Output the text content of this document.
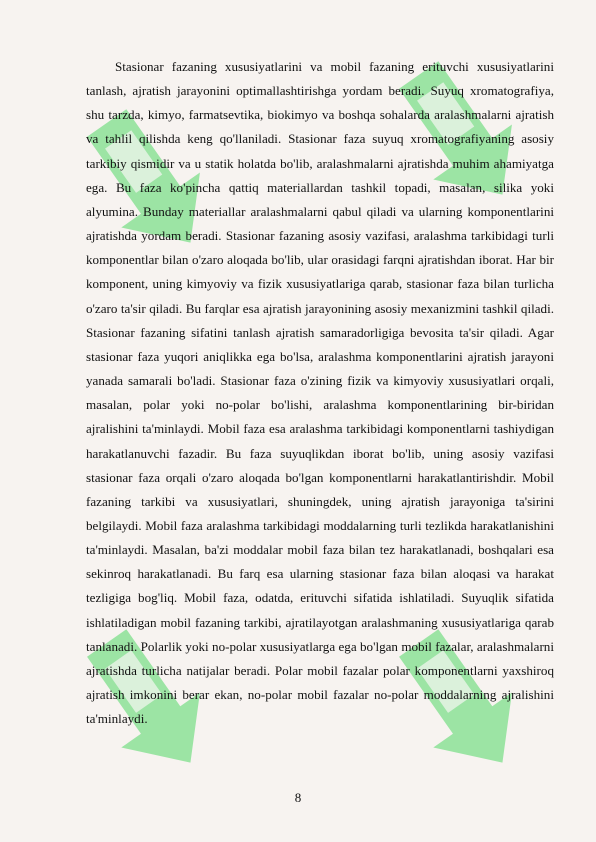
Stasionar fazaning xususiyatlarini va mobil fazaning erituvchi xususiyatlarini tanlash, ajratish jarayonini optimallashtirishga yordam beradi. Suyuq xromatografiya, shu tarzda, kimyo, farmatsevtika, biokimyo va boshqa sohalarda aralashmalarni ajratish va tahlil qilishda keng qo'llaniladi. Stasionar faza suyuq xromatografiyaning asosiy tarkibiy qismidir va u statik holatda bo'lib, aralashmalarni ajratishda muhim ahamiyatga ega. Bu faza ko'pincha qattiq materiallardan tashkil topadi, masalan, silika yoki alyumina. Bunday materiallar aralashmalarni qabul qiladi va ularning komponentlarini ajratishda yordam beradi. Stasionar fazaning asosiy vazifasi, aralashma tarkibidagi turli komponentlar bilan o'zaro aloqada bo'lib, ular orasidagi farqni ajratishdan iborat. Har bir komponent, uning kimyoviy va fizik xususiyatlariga qarab, stasionar faza bilan turlicha o'zaro ta'sir qiladi. Bu farqlar esa ajratish jarayonining asosiy mexanizmini tashkil qiladi. Stasionar fazaning sifatini tanlash ajratish samaradorligiga bevosita ta'sir qiladi. Agar stasionar faza yuqori aniqlikka ega bo'lsa, aralashma komponentlarini ajratish jarayoni yanada samarali bo'ladi. Stasionar faza o'zining fizik va kimyoviy xususiyatlari orqali, masalan, polar yoki no-polar bo'lishi, aralashma komponentlarining bir-biridan ajralishini ta'minlaydi. Mobil faza esa aralashma tarkibidagi komponentlarni tashiydigan harakatlanuvchi fazadir. Bu faza suyuqlikdan iborat bo'lib, uning asosiy vazifasi stasionar faza orqali o'zaro aloqada bo'lgan komponentlarni harakatlantirishdir. Mobil fazaning tarkibi va xususiyatlari, shuningdek, uning ajratish jarayoniga ta'sirini belgilaydi. Mobil faza aralashma tarkibidagi moddalarning turli tezlikda harakatlanishini ta'minlaydi. Masalan, ba'zi moddalar mobil faza bilan tez harakatlanadi, boshqalari esa sekinroq harakatlanadi. Bu farq esa ularning stasionar faza bilan aloqasi va harakat tezligiga bog'liq. Mobil faza, odatda, erituvchi sifatida ishlatiladi. Suyuqlik sifatida ishlatiladigan mobil fazaning tarkibi, ajratilayotgan aralashmaning xususiyatlariga qarab tanlanadi. Polarlik yoki no-polar xususiyatlarga ega bo'lgan mobil fazalar, aralashmalarni ajratishda turlicha natijalar beradi. Polar mobil fazalar polar komponentlarni yaxshiroq ajratish imkonini berar ekan, no-polar mobil fazalar no-polar moddalarning ajralishini ta'minlaydi.

8
